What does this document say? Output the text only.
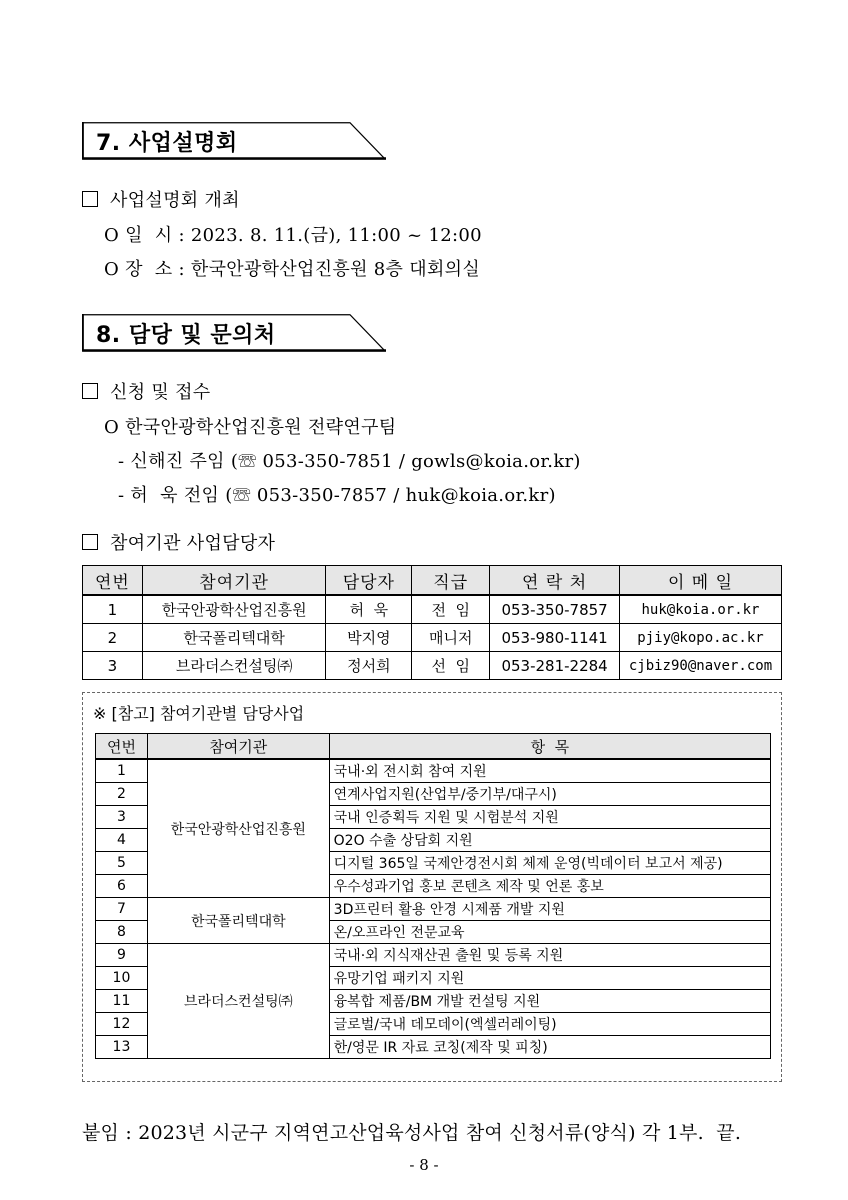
7. 사업설명회
사업설명회 개최
O 일  시 : 2023. 8. 11.(금), 11:00 ~ 12:00
O 장  소 : 한국안광학산업진흥원 8층 대회의실
8. 담당 및 문의처
신청 및 접수
O 한국안광학산업진흥원 전략연구팀
- 신해진 주임 (☏ 053-350-7851 / gowls@koia.or.kr)
- 허  욱 전임 (☏ 053-350-7857 / huk@koia.or.kr)
참여기관 사업담당자
연번	참여기관	담당자	직급	연 락 처	이 메 일
1	한국안광학산업진흥원	허  욱	전  임	053-350-7857	huk@koia.or.kr
2	한국폴리텍대학	박지영	매니저	053-980-1141	pjiy@kopo.ac.kr
3	브라더스컨설팅㈜	정서희	선  임	053-281-2284	cjbiz90@naver.com
※ [참고] 참여기관별 담당사업
연번	참여기관	항  목
1	한국안광학산업진흥원	국내·외 전시회 참여 지원
2		연계사업지원(산업부/중기부/대구시)
3		국내 인증획득 지원 및 시험분석 지원
4		O2O 수출 상담회 지원
5		디지털 365일 국제안경전시회 체제 운영(빅데이터 보고서 제공)
6		우수성과기업 홍보 콘텐츠 제작 및 언론 홍보
7	한국폴리텍대학	3D프린터 활용 안경 시제품 개발 지원
8		온/오프라인 전문교육
9	브라더스컨설팅㈜	국내·외 지식재산권 출원 및 등록 지원
10		유망기업 패키지 지원
11		융복합 제품/BM 개발 컨설팅 지원
12		글로벌/국내 데모데이(엑셀러레이팅)
13		한/영문 IR 자료 코칭(제작 및 피칭)
붙임 : 2023년 시군구 지역연고산업육성사업 참여 신청서류(양식) 각 1부.  끝.
- 8 -
